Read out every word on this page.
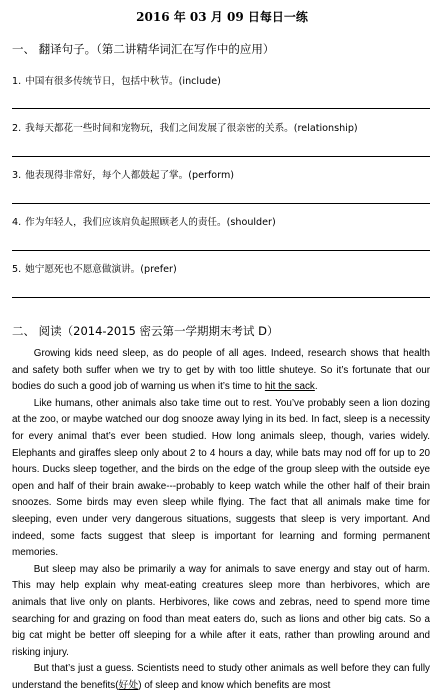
2016 年 03 月 09 日每日一练
一、 翻译句子。（第二讲精华词汇在写作中的应用）
1. 中国有很多传统节日，包括中秋节。(include)
2. 我每天都花一些时间和宠物玩，我们之间发展了很亲密的关系。(relationship)
3. 他表现得非常好，每个人都鼓起了掌。(perform)
4. 作为年轻人，我们应该肩负起照顾老人的责任。(shoulder)
5. 她宁愿死也不愿意做演讲。(prefer)
二、 阅读（2014-2015 密云第一学期期末考试 D）

Growing kids need sleep, as do people of all ages. Indeed, research shows that health and safety both suffer when we try to get by with too little shuteye. So it’s fortunate that our bodies do such a good job of warning us when it’s time to hit the sack.

Like humans, other animals also take time out to rest. You’ve probably seen a lion dozing at the zoo, or maybe watched our dog snooze away lying in its bed. In fact, sleep is a necessity for every animal that’s ever been studied. How long animals sleep, though, varies widely. Elephants and giraffes sleep only about 2 to 4 hours a day, while bats may nod off for up to 20 hours. Ducks sleep together, and the birds on the edge of the group sleep with the outside eye open and half of their brain awake---probably to keep watch while the other half of their brain snoozes. Some birds may even sleep while flying. The fact that all animals make time for sleeping, even under very dangerous situations, suggests that sleep is very important. And indeed, some facts suggest that sleep is important for learning and forming permanent memories.

But sleep may also be primarily a way for animals to save energy and stay out of harm. This may help explain why meat-eating creatures sleep more than herbivores, which are animals that live only on plants. Herbivores, like cows and zebras, need to spend more time searching for and grazing on food than meat eaters do, such as lions and other big cats. So a big cat might be better off sleeping for a while after it eats, rather than prowling around and risking injury.

But that’s just a guess. Scientists need to study other animals as well before they can fully understand the benefits(好处) of sleep and know which benefits are most
